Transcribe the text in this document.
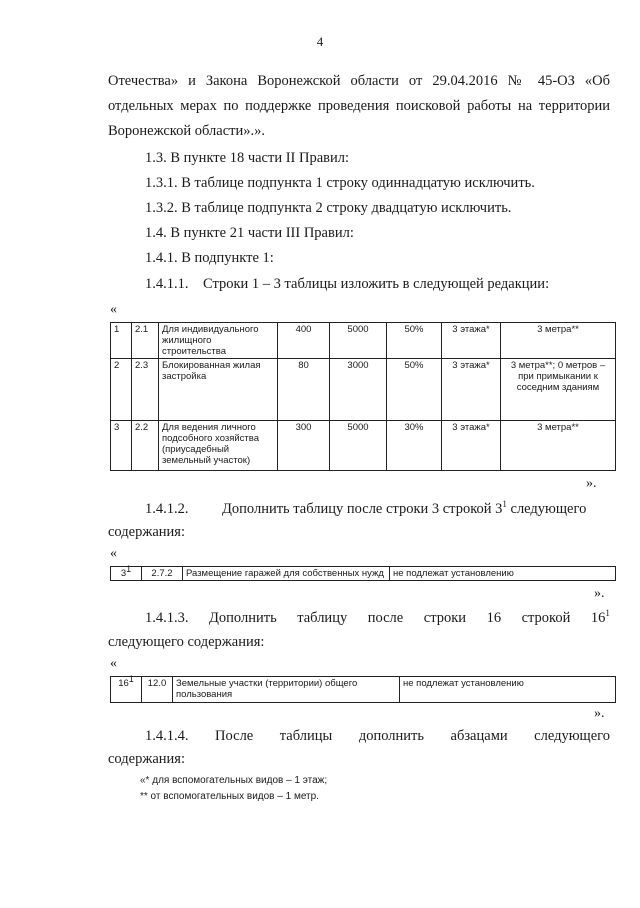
4
Отечества» и Закона Воронежской области от 29.04.2016 № 45-ОЗ «Об
отдельных мерах по поддержке проведения поисковой работы на территории
Воронежской области».».
1.3. В пункте 18 части II Правил:
1.3.1. В таблице подпункта 1 строку одиннадцатую исключить.
1.3.2. В таблице подпункта 2 строку двадцатую исключить.
1.4. В пункте 21 части III Правил:
1.4.1. В подпункте 1:
1.4.1.1.    Строки 1 – 3 таблицы изложить в следующей редакции:
«
1	2.1	Для индивидуального жилищного строительства	400	5000	50%	3 этажа*	3 метра**
2	2.3	Блокированная жилая застройка	80	3000	50%	3 этажа*	3 метра**; 0 метров – при примыкании к соседним зданиям
3	2.2	Для ведения личного подсобного хозяйства (приусадебный земельный участок)	300	5000	30%	3 этажа*	3 метра**
».
1.4.1.2. Дополнить таблицу после строки 3 строкой $3^1$ следующего
содержания:
«
$3^1$	2.7.2	Размещение гаражей для собственных нужд	не подлежат установлению
».
1.4.1.3. Дополнить таблицу после строки 16 строкой $16^1$
следующего содержания:
«
$16^1$	12.0	Земельные участки (территории) общего пользования	не подлежат установлению
».
1.4.1.4. После таблицы дополнить абзацами следующего
содержания:
«* для вспомогательных видов – 1 этаж;
** от вспомогательных видов – 1 метр.
